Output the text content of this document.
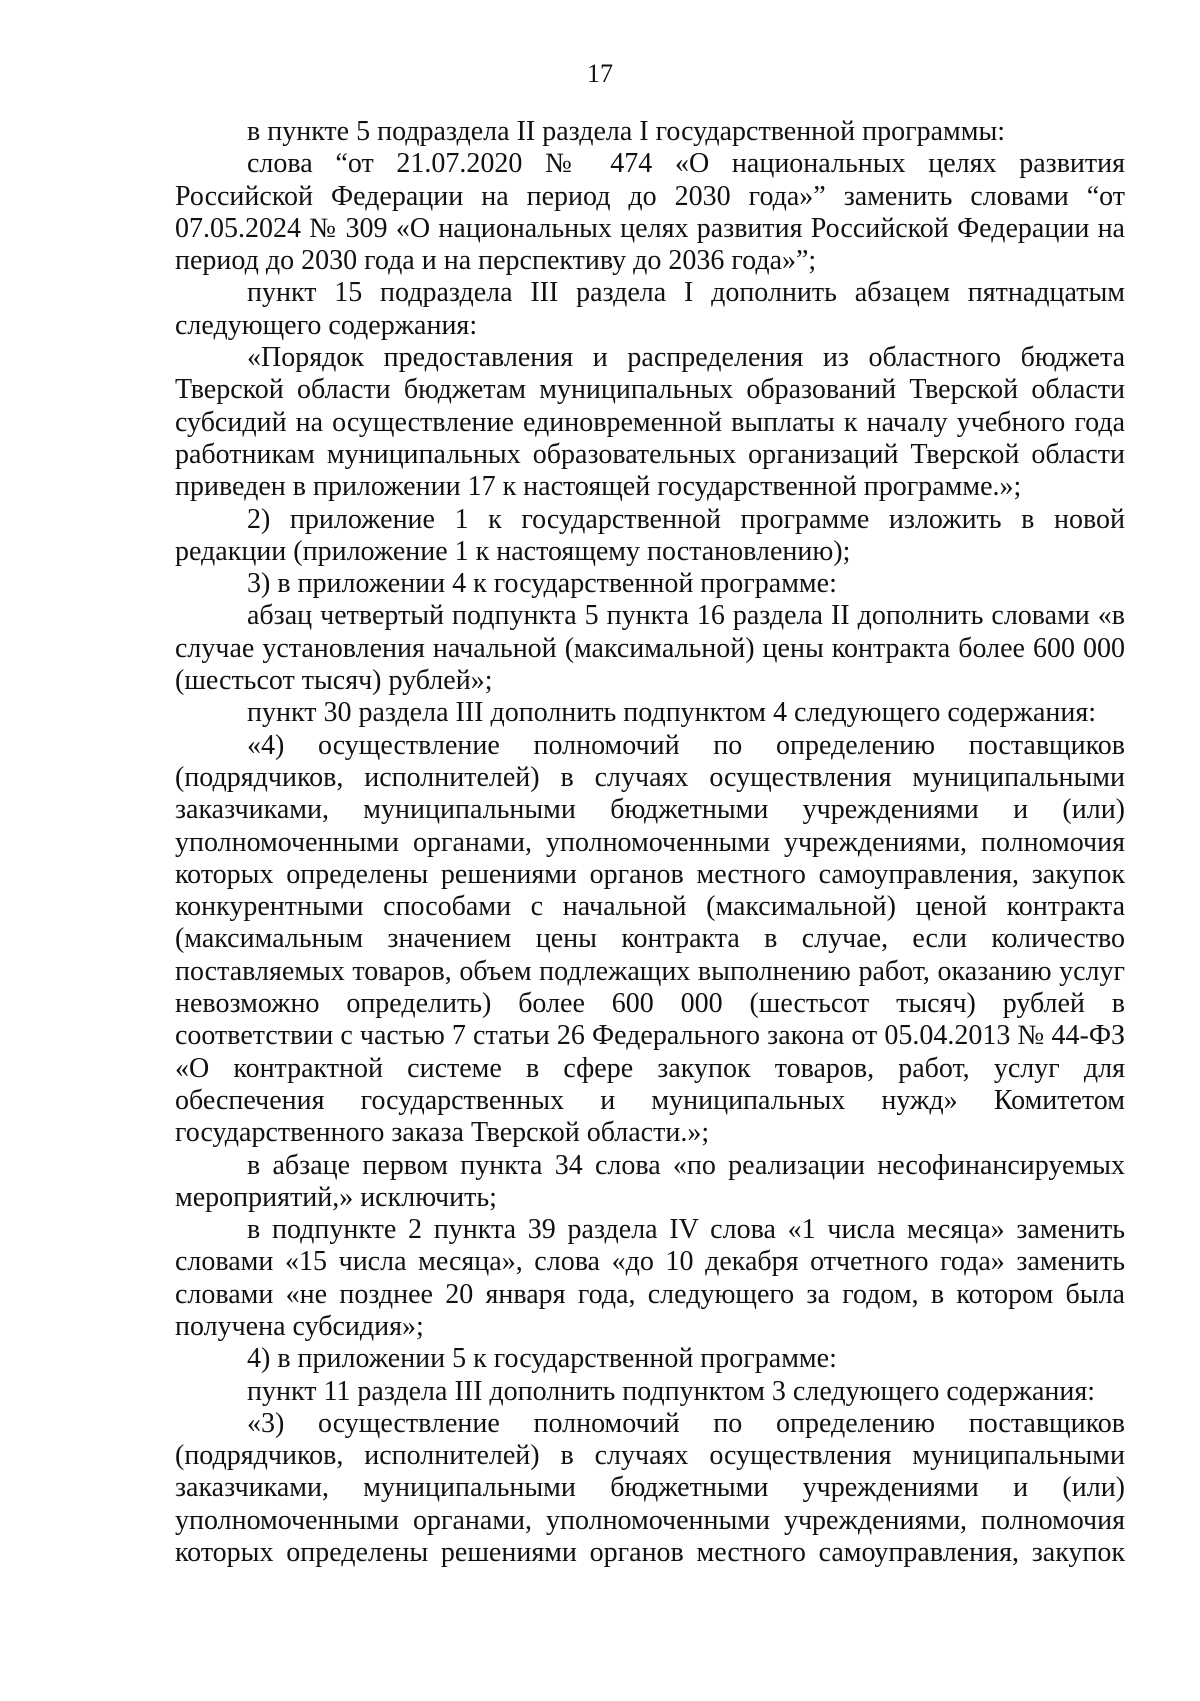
17

в пункте 5 подраздела II раздела I государственной программы:

слова “от 21.07.2020 № 474 «О национальных целях развития Российской Федерации на период до 2030 года»” заменить словами “от 07.05.2024 № 309 «О национальных целях развития Российской Федерации на период до 2030 года и на перспективу до 2036 года»”;

пункт 15 подраздела III раздела I дополнить абзацем пятнадцатым следующего содержания:

«Порядок предоставления и распределения из областного бюджета Тверской области бюджетам муниципальных образований Тверской области субсидий на осуществление единовременной выплаты к началу учебного года работникам муниципальных образовательных организаций Тверской области приведен в приложении 17 к настоящей государственной программе.»;

2) приложение 1 к государственной программе изложить в новой редакции (приложение 1 к настоящему постановлению);

3) в приложении 4 к государственной программе:

абзац четвертый подпункта 5 пункта 16 раздела II дополнить словами «в случае установления начальной (максимальной) цены контракта более 600 000 (шестьсот тысяч) рублей»;

пункт 30 раздела III дополнить подпунктом 4 следующего содержания:

«4) осуществление полномочий по определению поставщиков (подрядчиков, исполнителей) в случаях осуществления муниципальными заказчиками, муниципальными бюджетными учреждениями и (или) уполномоченными органами, уполномоченными учреждениями, полномочия которых определены решениями органов местного самоуправления, закупок конкурентными способами с начальной (максимальной) ценой контракта (максимальным значением цены контракта в случае, если количество поставляемых товаров, объем подлежащих выполнению работ, оказанию услуг невозможно определить) более 600 000 (шестьсот тысяч) рублей в соответствии с частью 7 статьи 26 Федерального закона от 05.04.2013 № 44-ФЗ «О контрактной системе в сфере закупок товаров, работ, услуг для обеспечения государственных и муниципальных нужд» Комитетом государственного заказа Тверской области.»;

в абзаце первом пункта 34 слова «по реализации несофинансируемых мероприятий,» исключить;

в подпункте 2 пункта 39 раздела IV слова «1 числа месяца» заменить словами «15 числа месяца», слова «до 10 декабря отчетного года» заменить словами «не позднее 20 января года, следующего за годом, в котором была получена субсидия»;

4) в приложении 5 к государственной программе:

пункт 11 раздела III дополнить подпунктом 3 следующего содержания:

«3) осуществление полномочий по определению поставщиков (подрядчиков, исполнителей) в случаях осуществления муниципальными заказчиками, муниципальными бюджетными учреждениями и (или) уполномоченными органами, уполномоченными учреждениями, полномочия которых определены решениями органов местного самоуправления, закупок
